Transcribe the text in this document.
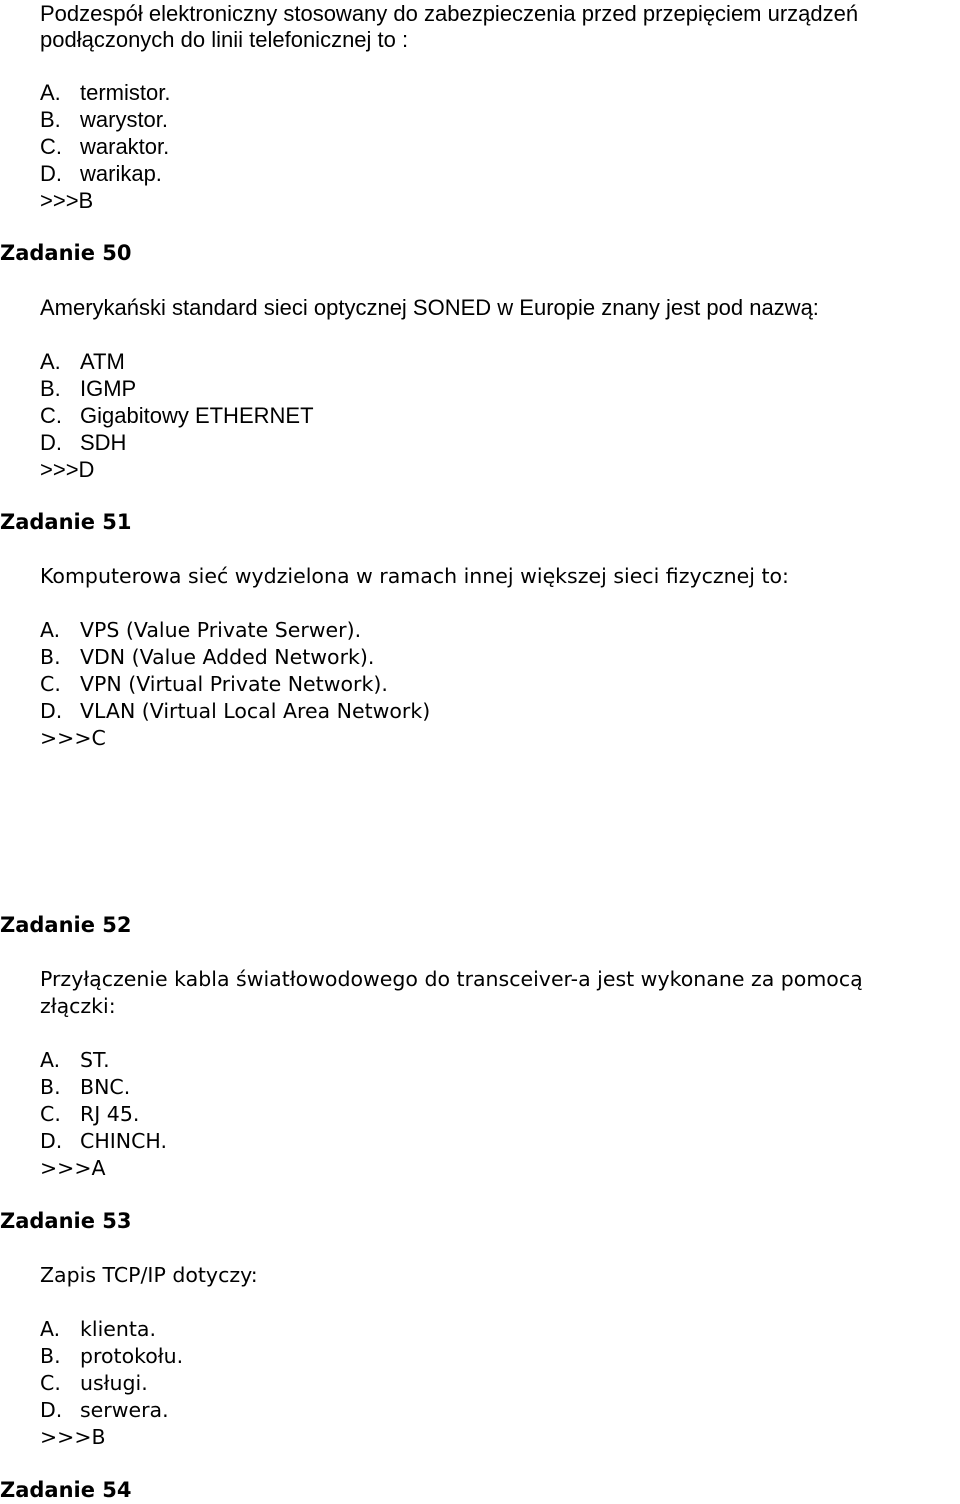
Podzespół elektroniczny stosowany do zabezpieczenia przed przepięciem urządzeń
podłączonych do linii telefonicznej to :
A. termistor.
B. warystor.
C. waraktor.
D. warikap.
>>>B
Zadanie 50
Amerykański standard sieci optycznej SONED w Europie znany jest pod nazwą:
A. ATM
B. IGMP
C. Gigabitowy ETHERNET
D. SDH
>>>D
Zadanie 51
Komputerowa sieć wydzielona w ramach innej większej sieci fizycznej to:
A. VPS (Value Private Serwer).
B. VDN (Value Added Network).
C. VPN (Virtual Private Network).
D. VLAN (Virtual Local Area Network)
>>>C
Zadanie 52
Przyłączenie kabla światłowodowego do transceiver-a jest wykonane za pomocą
złączki:
A. ST.
B. BNC.
C. RJ 45.
D. CHINCH.
>>>A
Zadanie 53
Zapis TCP/IP dotyczy:
A. klienta.
B. protokołu.
C. usługi.
D. serwera.
>>>B
Zadanie 54
